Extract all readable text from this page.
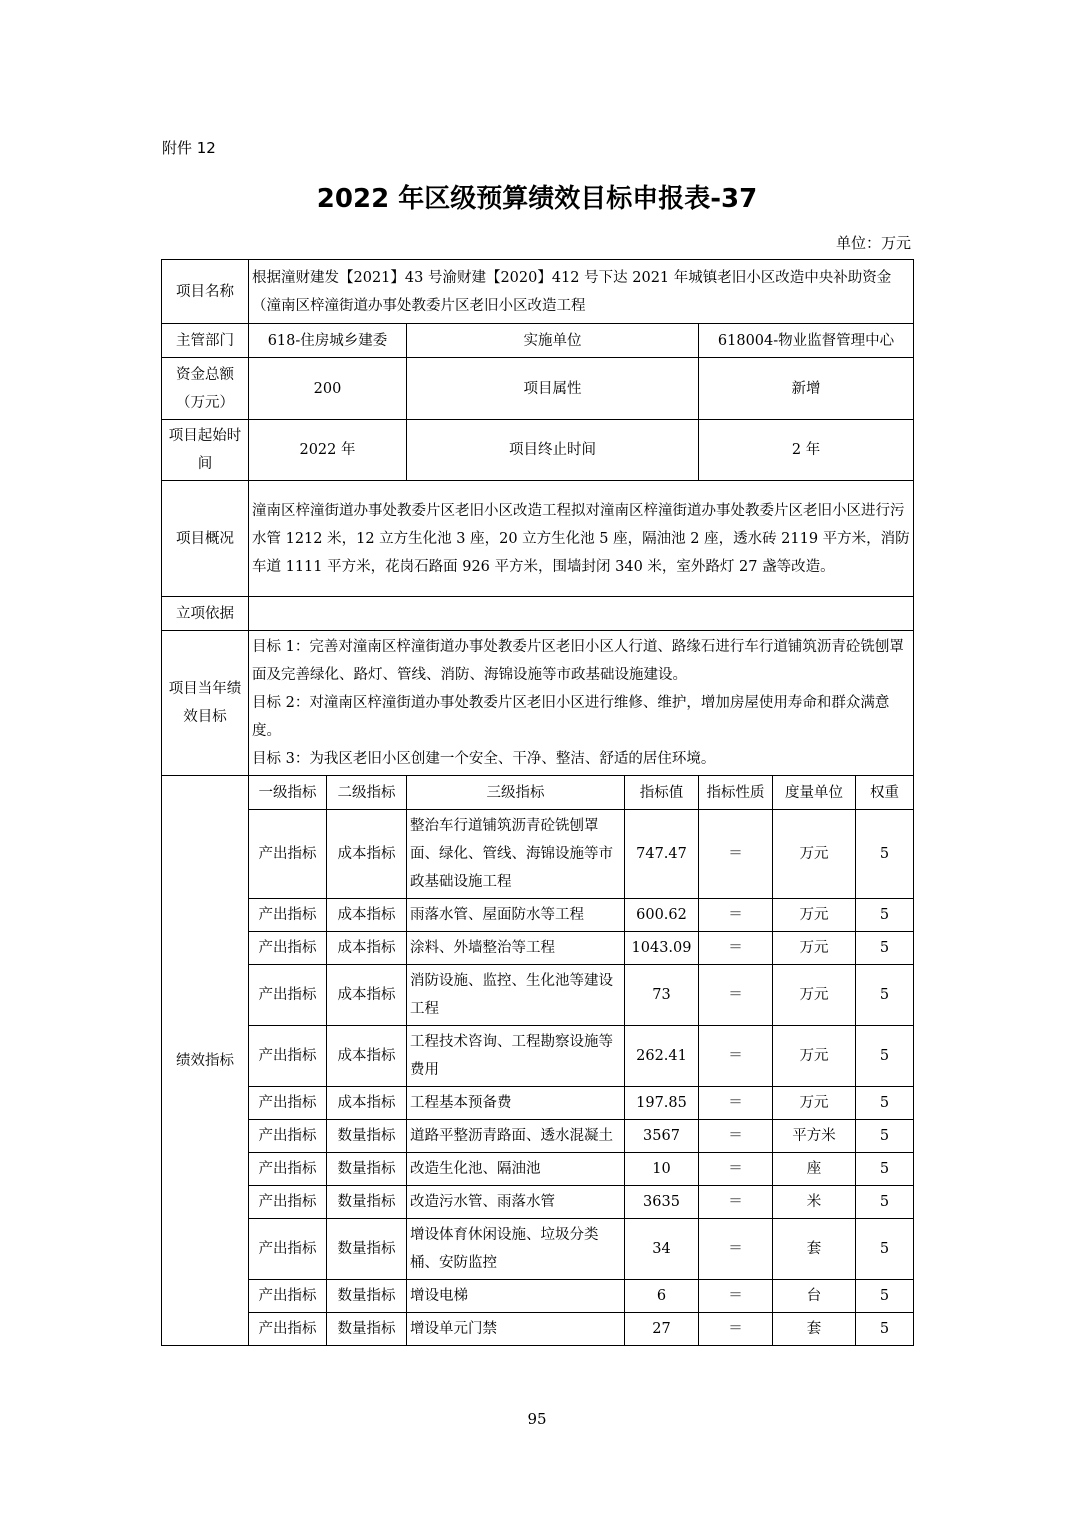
附件 12
2022 年区级预算绩效目标申报表-37
单位：万元
项目名称	根据潼财建发【2021】43 号渝财建【2020】412 号下达 2021 年城镇老旧小区改造中央补助资金（潼南区梓潼街道办事处教委片区老旧小区改造工程						
主管部门	618-住房城乡建委		实施单位		618004-物业监督管理中心		
资金总额（万元）	200		项目属性		新增		
项目起始时间	2022 年		项目终止时间		2 年		
项目概况	潼南区梓潼街道办事处教委片区老旧小区改造工程拟对潼南区梓潼街道办事处教委片区老旧小区进行污水管 1212 米，12 立方生化池 3 座，20 立方生化池 5 座，隔油池 2 座，透水砖 2119 平方米，消防车道 1111 平方米，花岗石路面 926 平方米，围墙封闭 340 米，室外路灯 27 盏等改造。						
立项依据							
项目当年绩效目标	目标 1：完善对潼南区梓潼街道办事处教委片区老旧小区人行道、路缘石进行车行道铺筑沥青砼铣刨罩面及完善绿化、路灯、管线、消防、海锦设施等市政基础设施建设。
目标 2：对潼南区梓潼街道办事处教委片区老旧小区进行维修、维护，增加房屋使用寿命和群众满意度。
目标 3：为我区老旧小区创建一个安全、干净、整洁、舒适的居住环境。						

绩效指标	一级指标	二级指标	三级指标	指标值	指标性质	度量单位	权重
	产出指标	成本指标	整治车行道铺筑沥青砼铣刨罩面、绿化、管线、海锦设施等市政基础设施工程	747.47	＝	万元	5
	产出指标	成本指标	雨落水管、屋面防水等工程	600.62	＝	万元	5
	产出指标	成本指标	涂料、外墙整治等工程	1043.09	＝	万元	5
	产出指标	成本指标	消防设施、监控、生化池等建设工程	73	＝	万元	5
	产出指标	成本指标	工程技术咨询、工程勘察设施等费用	262.41	＝	万元	5
	产出指标	成本指标	工程基本预备费	197.85	＝	万元	5
	产出指标	数量指标	道路平整沥青路面、透水混凝土	3567	＝	平方米	5
	产出指标	数量指标	改造生化池、隔油池	10	＝	座	5
	产出指标	数量指标	改造污水管、雨落水管	3635	＝	米	5
	产出指标	数量指标	增设体育休闲设施、垃圾分类桶、安防监控	34	＝	套	5
	产出指标	数量指标	增设电梯	6	＝	台	5
	产出指标	数量指标	增设单元门禁	27	＝	套	5
95
